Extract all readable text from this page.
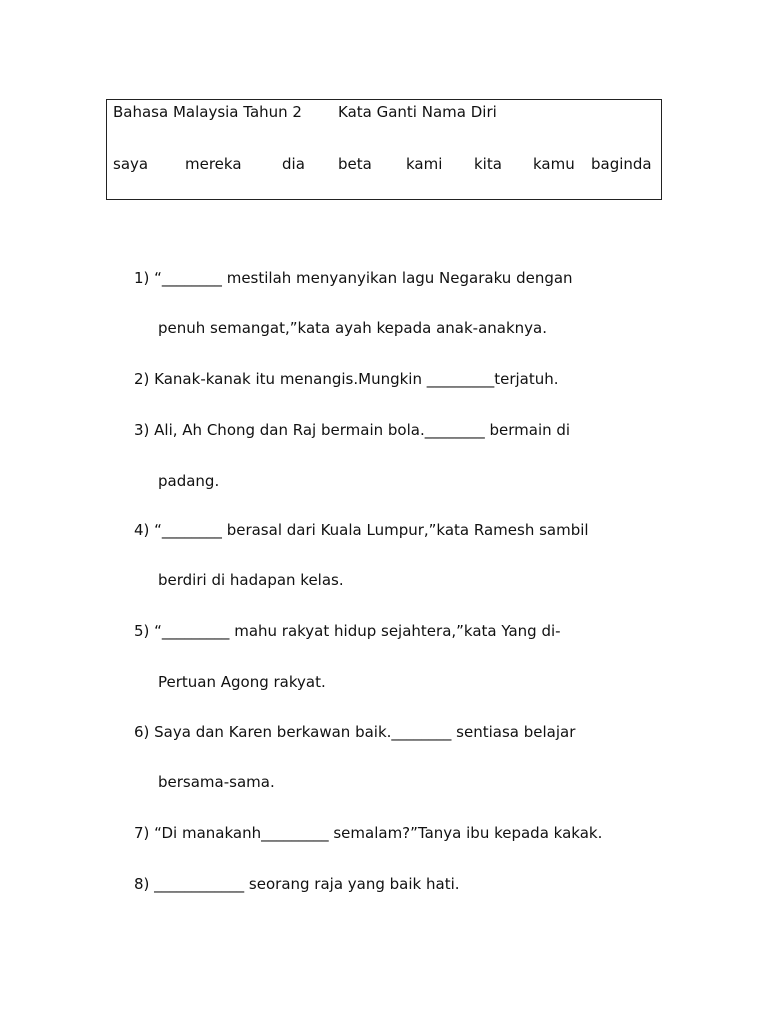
Bahasa Malaysia Tahun 2 Kata Ganti Nama Diri
saya mereka	dia beta kami kita kamu baginda
1) “________ mestilah menyanyikan lagu Negaraku dengan
penuh semangat,”kata ayah kepada anak-anaknya.
2) Kanak-kanak itu menangis.Mungkin _________terjatuh.
3) Ali, Ah Chong dan Raj bermain bola.________ bermain di
padang.
4) “________ berasal dari Kuala Lumpur,”kata Ramesh sambil
berdiri di hadapan kelas.
5) “_________ mahu rakyat hidup sejahtera,”kata Yang di-
Pertuan Agong rakyat.
6) Saya dan Karen berkawan baik.________ sentiasa belajar
bersama-sama.
7) “Di manakanh_________ semalam?”Tanya ibu kepada kakak.
8) ____________ seorang raja yang baik hati.
